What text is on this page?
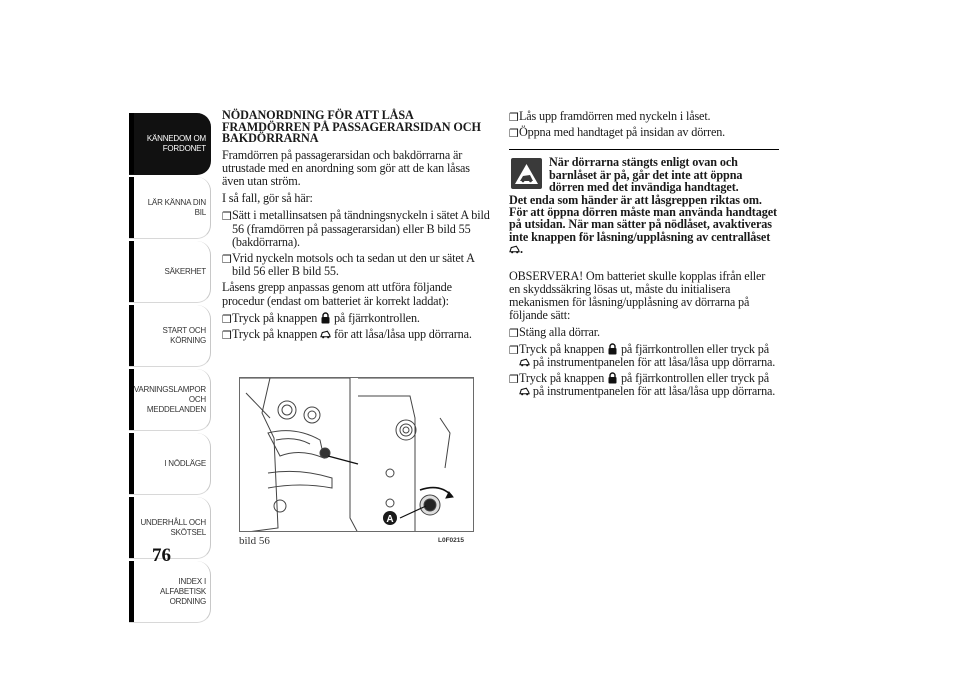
KÄNNEDOM OM
FORDONET
LÄR KÄNNA DIN
BIL
SÄKERHET
START OCH
KÖRNING
VARNINGSLAMPOR
OCH
MEDDELANDEN
I NÖDLÄGE
UNDERHÅLL OCH
SKÖTSEL
INDEX I
ALFABETISK
ORDNING
76
NÖDANORDNING FÖR ATT LÅSA FRAMDÖRREN PÅ PASSAGERARSIDAN OCH BAKDÖRRARNA

Framdörren på passagerarsidan och bakdörrarna är utrustade med en anordning som gör att de kan låsas även utan ström.

I så fall, gör så här:

❒ Sätt i metallinsatsen på tändningsnyckeln i sätet A bild 56 (framdörren på passagerarsidan) eller B bild 55 (bakdörrarna).
❒ Vrid nyckeln motsols och ta sedan ut den ur sätet A bild 56 eller B bild 55.

Låsens grepp anpassas genom att utföra följande procedur (endast om batteriet är korrekt laddat):

❒ Tryck på knappen på fjärrkontrollen.
❒ Tryck på knappen för att låsa/låsa upp dörrarna.
A
bild 56	L0F0215
❒ Lås upp framdörren med nyckeln i låset.
❒ Öppna med handtaget på insidan av dörren.
När dörrarna stängts enligt ovan och barnlåset är på, går det inte att öppna dörren med det invändiga handtaget.
Det enda som händer är att låsgreppen riktas om. För att öppna dörren måste man använda handtaget på utsidan. När man sätter på nödlåset, avaktiveras inte knappen för låsning/upplåsning av centrallåset .

OBSERVERA! Om batteriet skulle kopplas ifrån eller en skyddssäkring lösas ut, måste du initialisera mekanismen för låsning/upplåsning av dörrarna på följande sätt:

❒ Stäng alla dörrar.
❒ Tryck på knappen på fjärrkontrollen eller tryck på  på instrumentpanelen för att låsa/låsa upp dörrarna.
❒ Tryck på knappen på fjärrkontrollen eller tryck på  på instrumentpanelen för att låsa/låsa upp dörrarna.
